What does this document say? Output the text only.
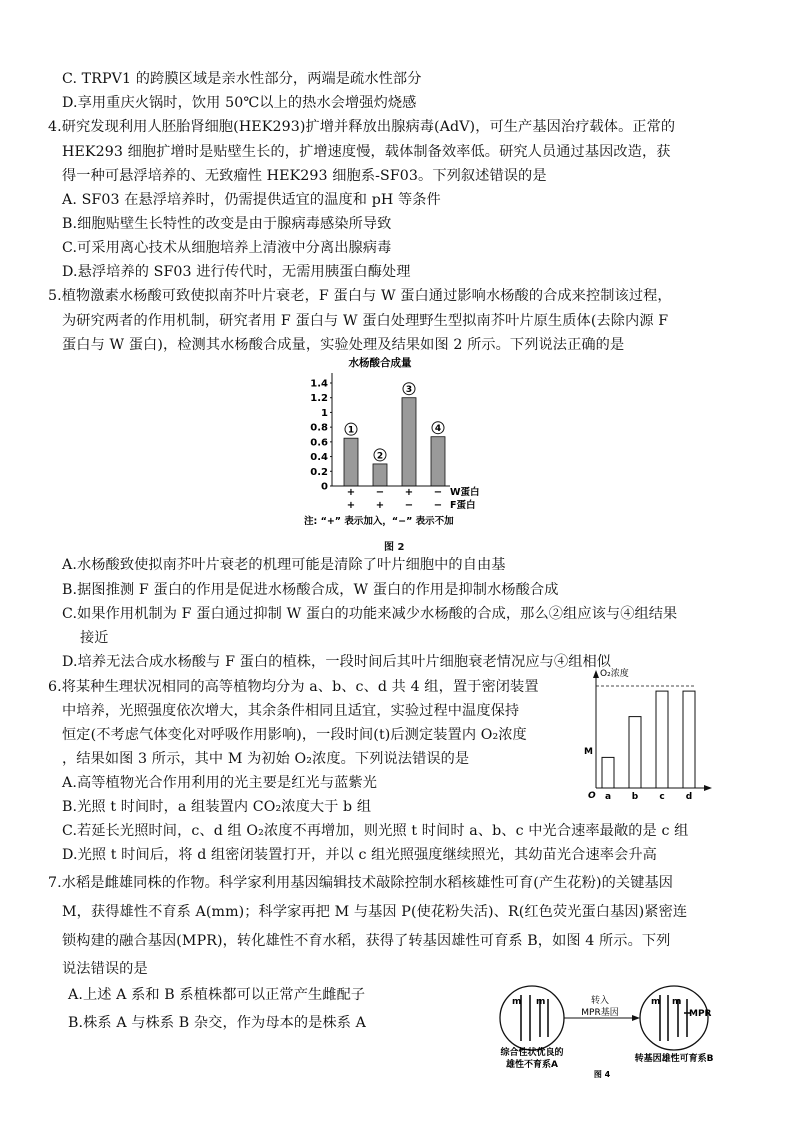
C. TRPV1 的跨膜区域是亲水性部分，两端是疏水性部分
D.享用重庆火锅时，饮用 50℃以上的热水会增强灼烧感
4.研究发现利用人胚胎肾细胞(HEK293)扩增并释放出腺病毒(AdV)，可生产基因治疗载体。正常的
HEK293 细胞扩增时是贴壁生长的，扩增速度慢，载体制备效率低。研究人员通过基因改造，获
得一种可悬浮培养的、无致瘤性 HEK293 细胞系-SF03。下列叙述错误的是
A. SF03 在悬浮培养时，仍需提供适宜的温度和 pH 等条件
B.细胞贴壁生长特性的改变是由于腺病毒感染所导致
C.可采用离心技术从细胞培养上清液中分离出腺病毒
D.悬浮培养的 SF03 进行传代时，无需用胰蛋白酶处理
5.植物激素水杨酸可致使拟南芥叶片衰老，F 蛋白与 W 蛋白通过影响水杨酸的合成来控制该过程，
为研究两者的作用机制，研究者用 F 蛋白与 W 蛋白处理野生型拟南芥叶片原生质体(去除内源 F
蛋白与 W 蛋白)，检测其水杨酸合成量，实验处理及结果如图 2 所示。下列说法正确的是
A.水杨酸致使拟南芥叶片衰老的机理可能是清除了叶片细胞中的自由基
B.据图推测 F 蛋白的作用是促进水杨酸合成，W 蛋白的作用是抑制水杨酸合成
C.如果作用机制为 F 蛋白通过抑制 W 蛋白的功能来减少水杨酸的合成，那么②组应该与④组结果
接近
D.培养无法合成水杨酸与 F 蛋白的植株，一段时间后其叶片细胞衰老情况应与④组相似
6.将某种生理状况相同的高等植物均分为 a、b、c、d 共 4 组，置于密闭装置
中培养，光照强度依次增大，其余条件相同且适宜，实验过程中温度保持
恒定(不考虑气体变化对呼吸作用影响)，一段时间(t)后测定装置内 O₂浓度
，结果如图 3 所示，其中 M 为初始 O₂浓度。下列说法错误的是
A.高等植物光合作用利用的光主要是红光与蓝紫光
B.光照 t 时间时，a 组装置内 CO₂浓度大于 b 组
C.若延长光照时间，c、d 组 O₂浓度不再增加，则光照 t 时间时 a、b、c 中光合速率最敞的是 c 组
D.光照 t 时间后，将 d 组密闭装置打开，并以 c 组光照强度继续照光，其幼苗光合速率会升高
7.水稻是雌雄同株的作物。科学家利用基因编辑技术敲除控制水稻核雄性可育(产生花粉)的关键基因
M，获得雄性不育系 A(mm)；科学家再把 M 与基因 P(使花粉失活)、R(红色荧光蛋白基因)紧密连
锁构建的融合基因(MPR)，转化雄性不育水稻，获得了转基因雄性可育系 B，如图 4 所示。下列
说法错误的是
A.上述 A 系和 B 系植株都可以正常产生雌配子
B.株系 A 与株系 B 杂交，作为母本的是株系 A
水杨酸合成量
1.4
1.2
1
0.8
0.6
0.4
0.2
0
1
2
3
4
+
+
−
+
+
−
−
−
W蛋白
F蛋白
注: “+” 表示加入，“−” 表示不加
图 2
O₂浓度
M
O a b c d
m m	转入
MPR基因
m m
MPR
综合性状优良的
雄性不育系A
转基因雄性可育系B
图 4
